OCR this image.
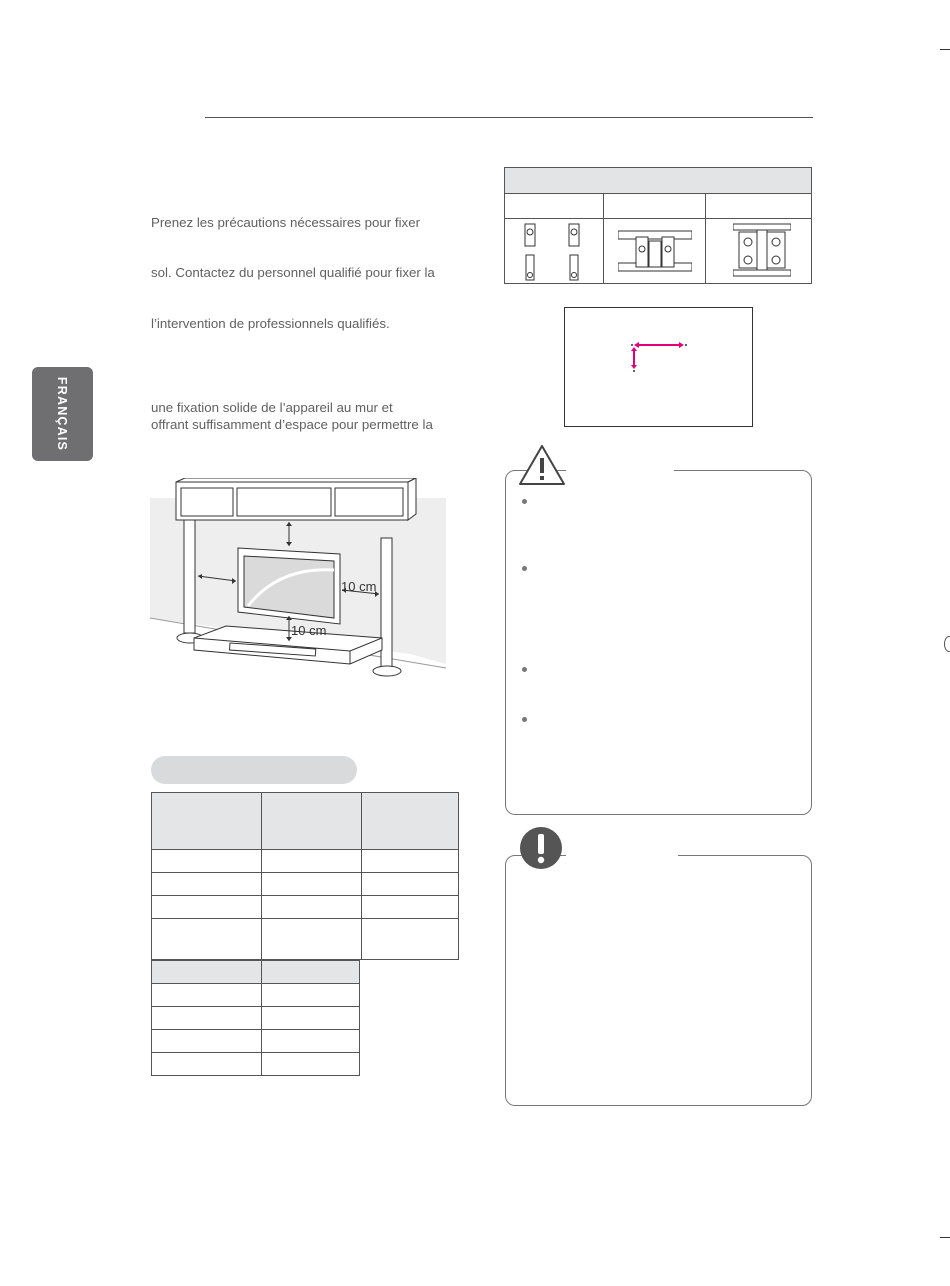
FRANÇAIS
Prenez les précautions nécessaires pour fixer
sol. Contactez du personnel qualifié pour fixer la
l’intervention de professionnels qualifiés.
une fixation solide de l’appareil au mur et
offrant suffisamment d’espace pour permettre la
10 cm
10 cm
